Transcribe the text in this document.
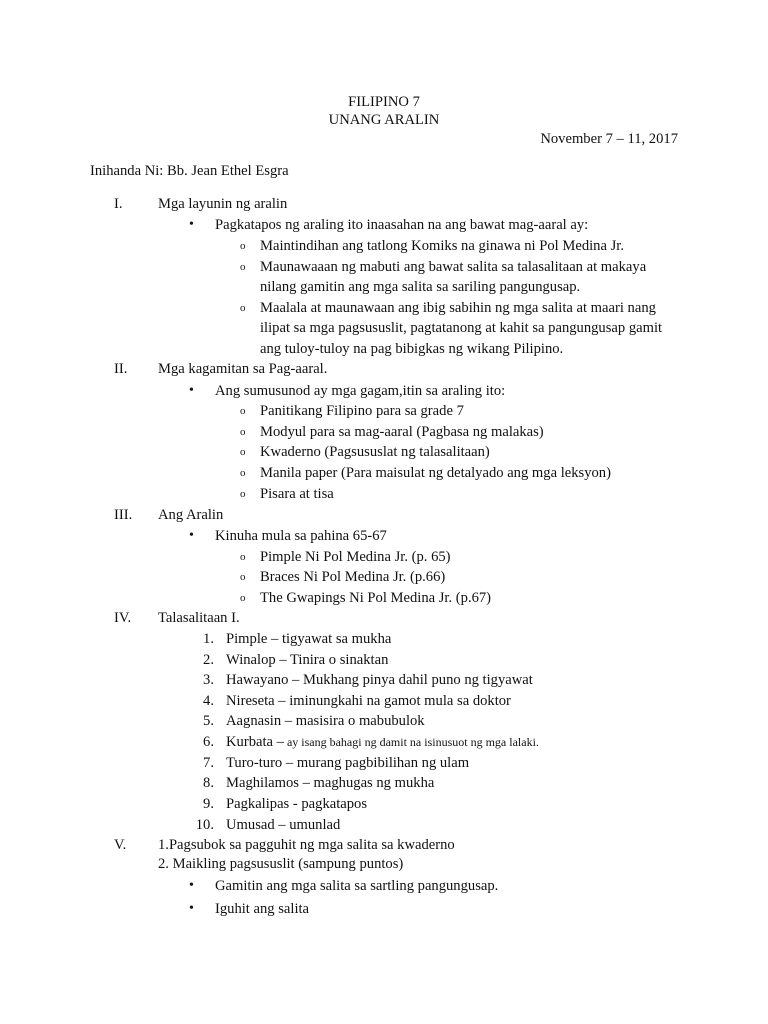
FILIPINO 7
UNANG ARALIN
November 7 – 11, 2017
Inihanda Ni: Bb. Jean Ethel Esgra
I. Mga layunin ng aralin
•	Pagkatapos ng araling ito inaasahan na ang bawat mag-aaral ay:
o Maintindihan ang tatlong Komiks na ginawa ni Pol Medina Jr.
o Maunawaaan ng mabuti ang bawat salita sa talasalitaan at makaya
nilang gamitin ang mga salita sa sariling pangungusap.
o Maalala at maunawaan ang ibig sabihin ng mga salita at maari nang
ilipat sa mga pagsususlit, pagtatanong at kahit sa pangungusap gamit
ang tuloy-tuloy na pag bibigkas ng wikang Pilipino.
II. Mga kagamitan sa Pag-aaral.
•	Ang sumusunod ay mga gagam,itin sa araling ito:
o Panitikang Filipino para sa grade 7
o Modyul para sa mag-aaral (Pagbasa ng malakas)
o Kwaderno (Pagsususlat ng talasalitaan)
o Manila paper (Para maisulat ng detalyado ang mga leksyon)
o Pisara at tisa
III. Ang Aralin
•	Kinuha mula sa pahina 65-67
o Pimple Ni Pol Medina Jr. (p. 65)
o Braces Ni Pol Medina Jr. (p.66)
o The Gwapings Ni Pol Medina Jr. (p.67)
IV. Talasalitaan I.
1. Pimple – tigyawat sa mukha
2. Winalop – Tinira o sinaktan
3. Hawayano – Mukhang pinya dahil puno ng tigyawat
4. Nireseta – iminungkahi na gamot mula sa doktor
5. Aagnasin – masisira o mabubulok
6. Kurbata – ay isang bahagi ng damit na isinusuot ng mga lalaki.
7. Turo-turo – murang pagbibilihan ng ulam
8. Maghilamos – maghugas ng mukha
9. Pagkalipas - pagkatapos
10. Umusad – umunlad
V. 1.Pagsubok sa pagguhit ng mga salita sa kwaderno
2. Maikling pagsususlit (sampung puntos)
•	Gamitin ang mga salita sa sartling pangungusap.
•	Iguhit ang salita
